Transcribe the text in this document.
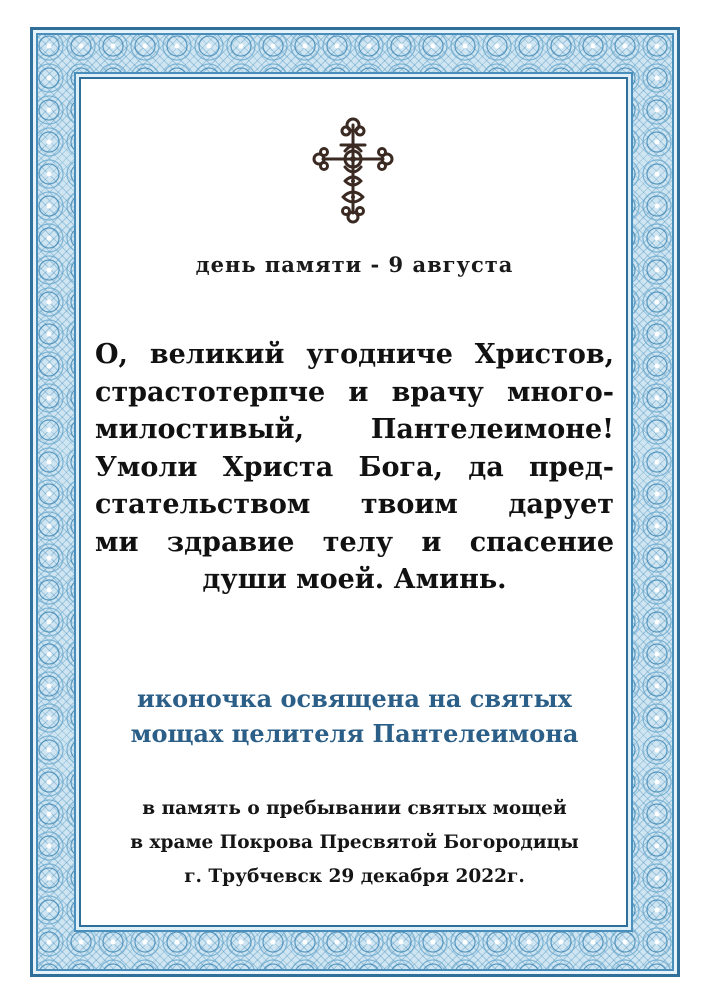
день памяти - 9 августа
О, великий угодниче Христов,
страстотерпче и врачу много-
милостивый, Пантелеимоне!
Умоли Христа Бога, да пред-
стательством твоим дарует
ми здравие телу и спасение
души моей. Аминь.
иконочка освящена на святых
мощах целителя Пантелеимона
в память о пребывании святых мощей
в храме Покрова Пресвятой Богородицы
г. Трубчевск 29 декабря 2022г.
